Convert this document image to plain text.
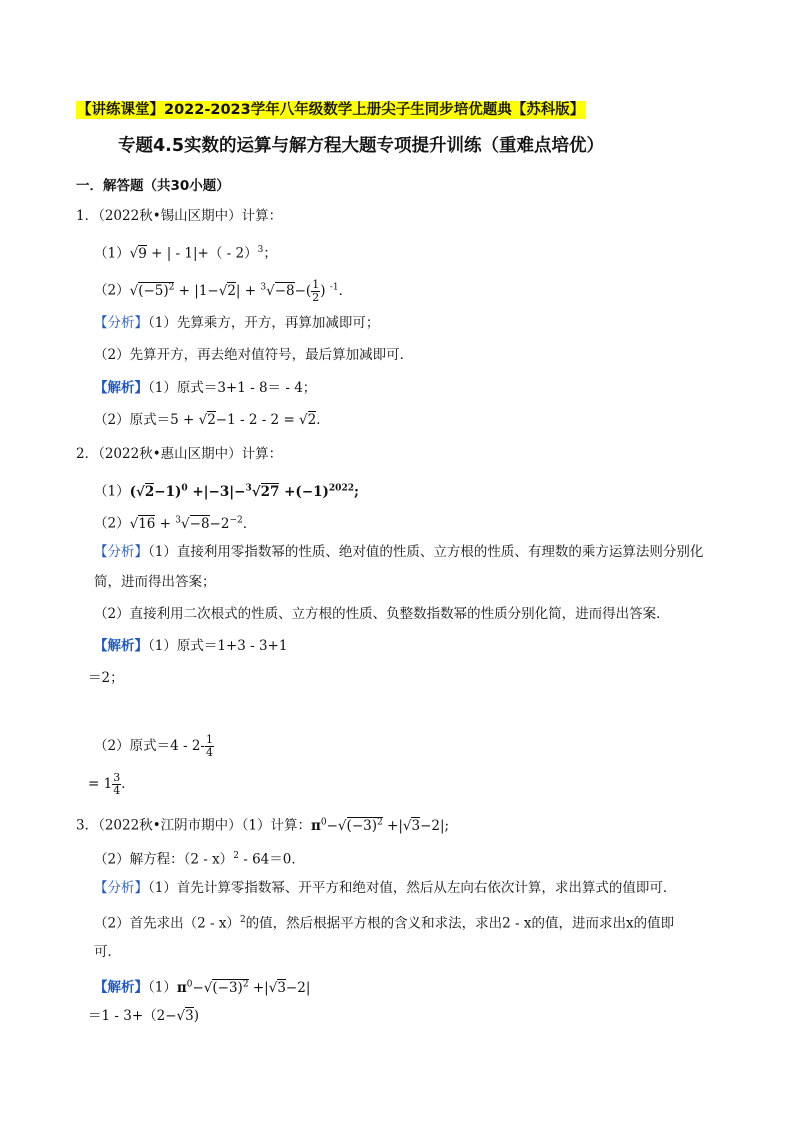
【讲练课堂】2022-2023学年八年级数学上册尖子生同步培优题典【苏科版】
专题4.5实数的运算与解方程大题专项提升训练（重难点培优）
一．解答题（共30小题）
1．（2022秋•锡山区期中）计算：
（1）√9 + | - 1|+（ - 2）$^3$；
$(2)√(-5)^2 + |1-√2| + ^3√-8-( \frac{1}{2}$ ) $^{-1}$．
【分析】（1）先算乘方，开方，再算加减即可；
（2）先算开方，再去绝对值符号，最后算加减即可．
【解析】（1）原式＝3+1 - 8＝ - 4；
（2）原式＝5 + √2−1 - 2 - 2 = √2．
2．（2022秋•惠山区期中）计算：
$(1)(√2-1)^0 +|-3|-^3√27 +(-1)^{2022}$;
$(2)√16 + ^3√-8-2^{-2}$．
【分析】（1）直接利用零指数幂的性质、绝对值的性质、立方根的性质、有理数的乘方运算法则分别化
简，进而得出答案；
（2）直接利用二次根式的性质、立方根的性质、负整数指数幂的性质分别化简，进而得出答案．
【解析】（1）原式＝1+3 - 3+1
＝2；
（2）原式$=4 - 2- \frac{1}{4}$
= $1 \frac{3}{4}$ ．
3．（2022秋•江阴市期中）（1）计算：$\pi^0-√(-3)^2 +|√3-2|$;
（2）解方程：（2 - x）$^2$ - 64＝0．
【分析】（1）首先计算零指数幂、开平方和绝对值，然后从左向右依次计算，求出算式的值即可．
（2）首先求出（2 - x）$^2$的值，然后根据平方根的含义和求法，求出2 - x的值，进而求出x的值即
可．
【解析】$(1)\pi^0-√(-3)^2 +|√3-2|$
＝1 - 3+（2−√3)
